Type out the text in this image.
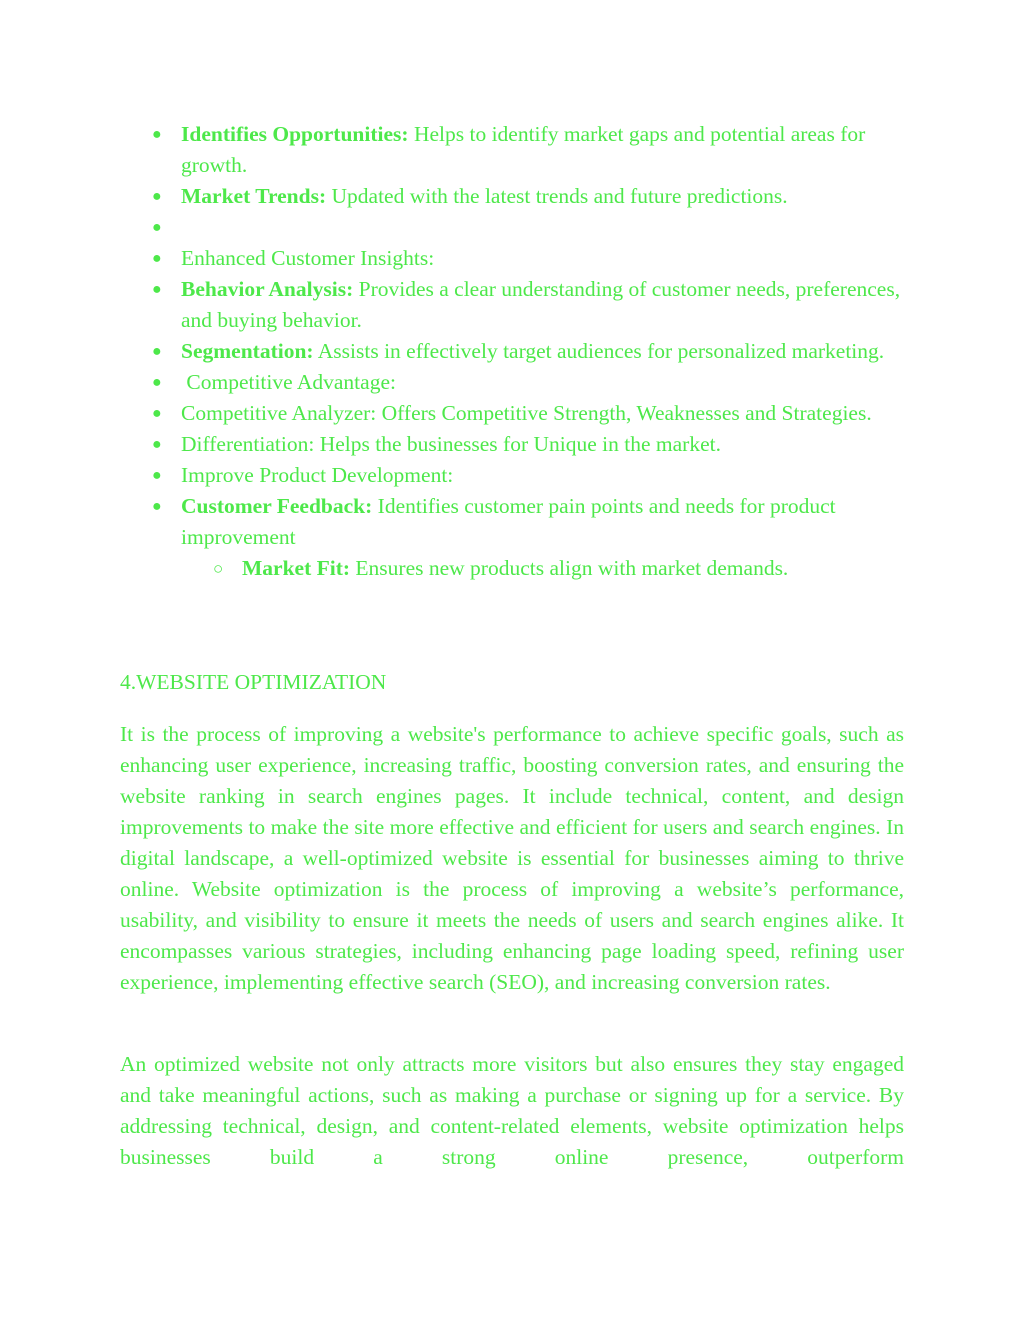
● Identifies Opportunities: Helps to identify market gaps and potential areas for growth.
● Market Trends: Updated with the latest trends and future predictions.
●
● Enhanced Customer Insights:
● Behavior Analysis: Provides a clear understanding of customer needs, preferences, and buying behavior.
● Segmentation: Assists in effectively target audiences for personalized marketing.
● Competitive Advantage:
● Competitive Analyzer: Offers Competitive Strength, Weaknesses and Strategies.
● Differentiation: Helps the businesses for Unique in the market.
● Improve Product Development:
● Customer Feedback: Identifies customer pain points and needs for product improvement
○ Market Fit: Ensures new products align with market demands.
4.WEBSITE OPTIMIZATION

It is the process of improving a website's performance to achieve specific goals, such as enhancing user experience, increasing traffic, boosting conversion rates, and ensuring the website ranking in search engines pages. It include technical, content, and design improvements to make the site more effective and efficient for users and search engines. In digital landscape, a well-optimized website is essential for businesses aiming to thrive online. Website optimization is the process of improving a website’s performance, usability, and visibility to ensure it meets the needs of users and search engines alike. It encompasses various strategies, including enhancing page loading speed, refining user experience, implementing effective search (SEO), and increasing conversion rates.

An optimized website not only attracts more visitors but also ensures they stay engaged and take meaningful actions, such as making a purchase or signing up for a service. By addressing technical, design, and content-related elements, website optimization helps businesses build a strong online presence, outperform
